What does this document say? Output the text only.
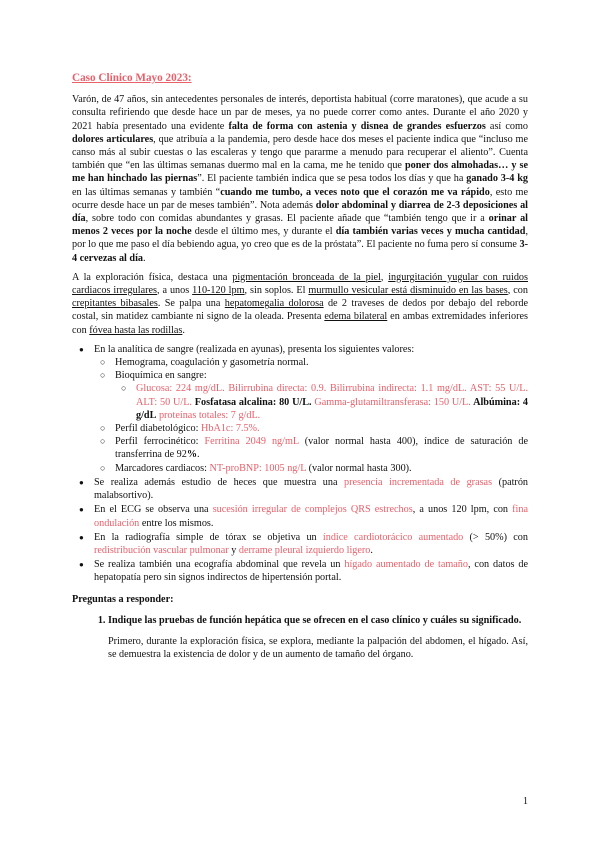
Caso Clínico Mayo 2023:

Varón, de 47 años, sin antecedentes personales de interés, deportista habitual (corre maratones), que acude a su consulta refiriendo que desde hace un par de meses, ya no puede correr como antes. Durante el año 2020 y 2021 había presentado una evidente falta de forma con astenia y disnea de grandes esfuerzos así como dolores articulares, que atribuía a la pandemia, pero desde hace dos meses el paciente indica que “incluso me canso más al subir cuestas o las escaleras y tengo que pararme a menudo para recuperar el aliento”. Cuenta también que “en las últimas semanas duermo mal en la cama, me he tenido que poner dos almohadas… y se me han hinchado las piernas”. El paciente también indica que se pesa todos los días y que ha ganado 3-4 kg en las últimas semanas y también “cuando me tumbo, a veces noto que el corazón me va rápido, esto me ocurre desde hace un par de meses también”. Nota además dolor abdominal y diarrea de 2-3 deposiciones al día, sobre todo con comidas abundantes y grasas. El paciente añade que “también tengo que ir a orinar al menos 2 veces por la noche desde el último mes, y durante el día también varias veces y mucha cantidad, por lo que me paso el día bebiendo agua, yo creo que es de la próstata”. El paciente no fuma pero sí consume 3-4 cervezas al día.

A la exploración física, destaca una pigmentación bronceada de la piel, ingurgitación yugular con ruidos cardiacos irregulares, a unos 110-120 lpm, sin soplos. El murmullo vesicular está disminuido en las bases, con crepitantes bibasales. Se palpa una hepatomegalia dolorosa de 2 traveses de dedos por debajo del reborde costal, sin matidez cambiante ni signo de la oleada. Presenta edema bilateral en ambas extremidades inferiores con fóvea hasta las rodillas.

● En la analítica de sangre (realizada en ayunas), presenta los siguientes valores:
○ Hemograma, coagulación y gasometría normal.
○ Bioquímica en sangre:
○ Glucosa: 224 mg/dL. Bilirrubina directa: 0.9. Bilirrubina indirecta: 1.1 mg/dL. AST: 55 U/L. ALT: 50 U/L. Fosfatasa alcalina: 80 U/L. Gamma-glutamiltransferasa: 150 U/L. Albúmina: 4 g/dL proteínas totales: 7 g/dL.
○ Perfil diabetológico: HbA1c: 7.5%.
○ Perfil ferrocinético: Ferritina 2049 ng/mL (valor normal hasta 400), índice de saturación de transferrina de 92%.
○ Marcadores cardiacos: NT-proBNP: 1005 ng/L (valor normal hasta 300).
● Se realiza además estudio de heces que muestra una presencia incrementada de grasas (patrón malabsortivo).
● En el ECG se observa una sucesión irregular de complejos QRS estrechos, a unos 120 lpm, con fina ondulación entre los mismos.
● En la radiografía simple de tórax se objetiva un índice cardiotorácico aumentado (> 50%) con redistribución vascular pulmonar y derrame pleural izquierdo ligero.
● Se realiza también una ecografía abdominal que revela un hígado aumentado de tamaño, con datos de hepatopatía pero sin signos indirectos de hipertensión portal.
Preguntas a responder:
1. Indique las pruebas de función hepática que se ofrecen en el caso clínico y cuáles su significado.

Primero, durante la exploración física, se explora, mediante la palpación del abdomen, el hígado. Así, se demuestra la existencia de dolor y de un aumento de tamaño del órgano.

1
